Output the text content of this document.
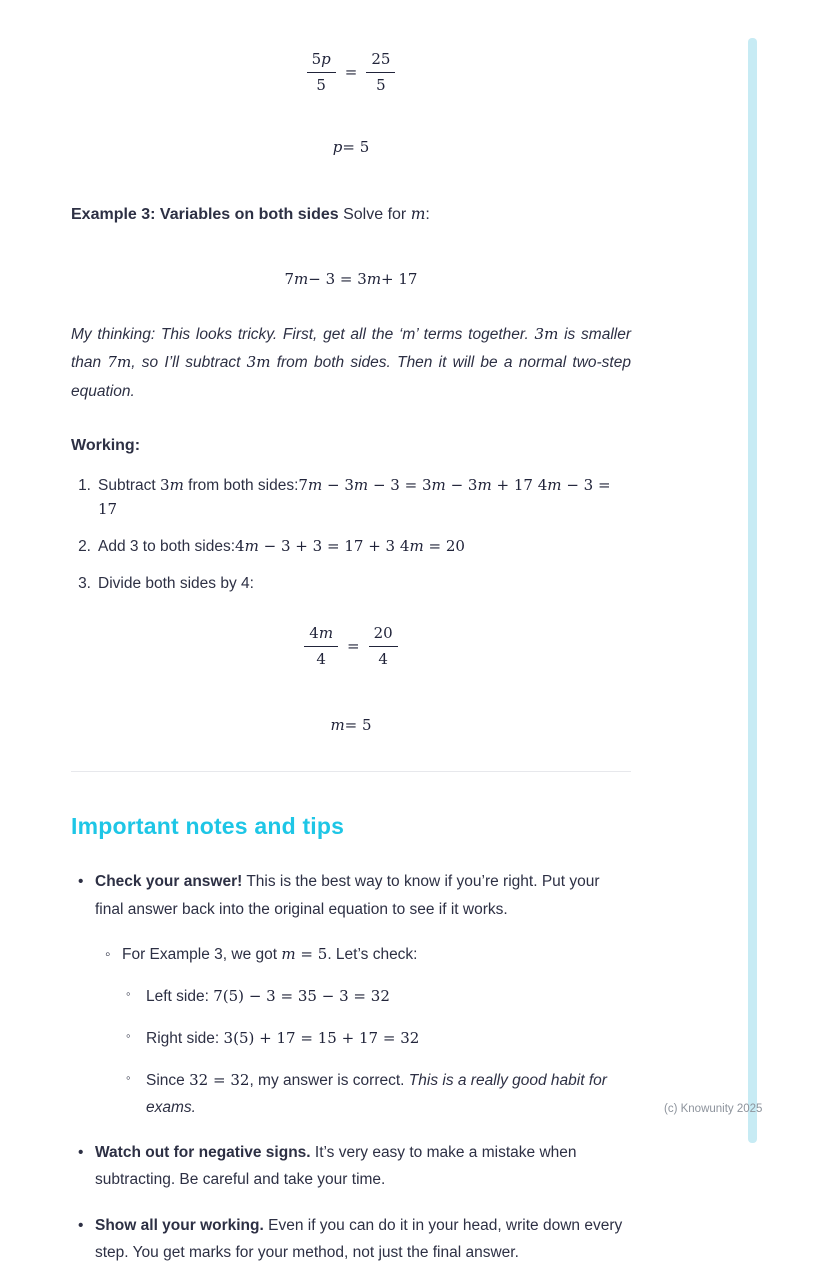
$\frac{5p}{5} = \frac{25}{5}$
p = 5
Example 3: Variables on both sides Solve for m:
7 m − 3 = 3 m + 17

My thinking: This looks tricky. First, get all the ‘m’ terms together. 3m is smaller than 7m, so I’ll subtract 3m from both sides. Then it will be a normal two-step equation.

Working:
1. Subtract 3m from both sides:7m − 3m − 3 = 3m − 3m + 17 4m − 3 = 17
2. Add 3 to both sides:4m − 3 + 3 = 17 + 3 4m = 20
3. Divide both sides by 4:
$\frac{4m}{4} = \frac{20}{4}$
m = 5
Important notes and tips
• Check your answer! This is the best way to know if you’re right. Put your final answer back into the original equation to see if it works.
◦ For Example 3, we got m = 5. Let’s check:
◦ Left side: 7(5) − 3 = 35 − 3 = 32
◦ Right side: 3(5) + 17 = 15 + 17 = 32
◦ Since 32 = 32, my answer is correct. This is a really good habit for exams.
• Watch out for negative signs. It’s very easy to make a mistake when subtracting. Be careful and take your time.
• Show all your working. Even if you can do it in your head, write down every step. You get marks for your method, not just the final answer.
(c) Knowunity 2025
